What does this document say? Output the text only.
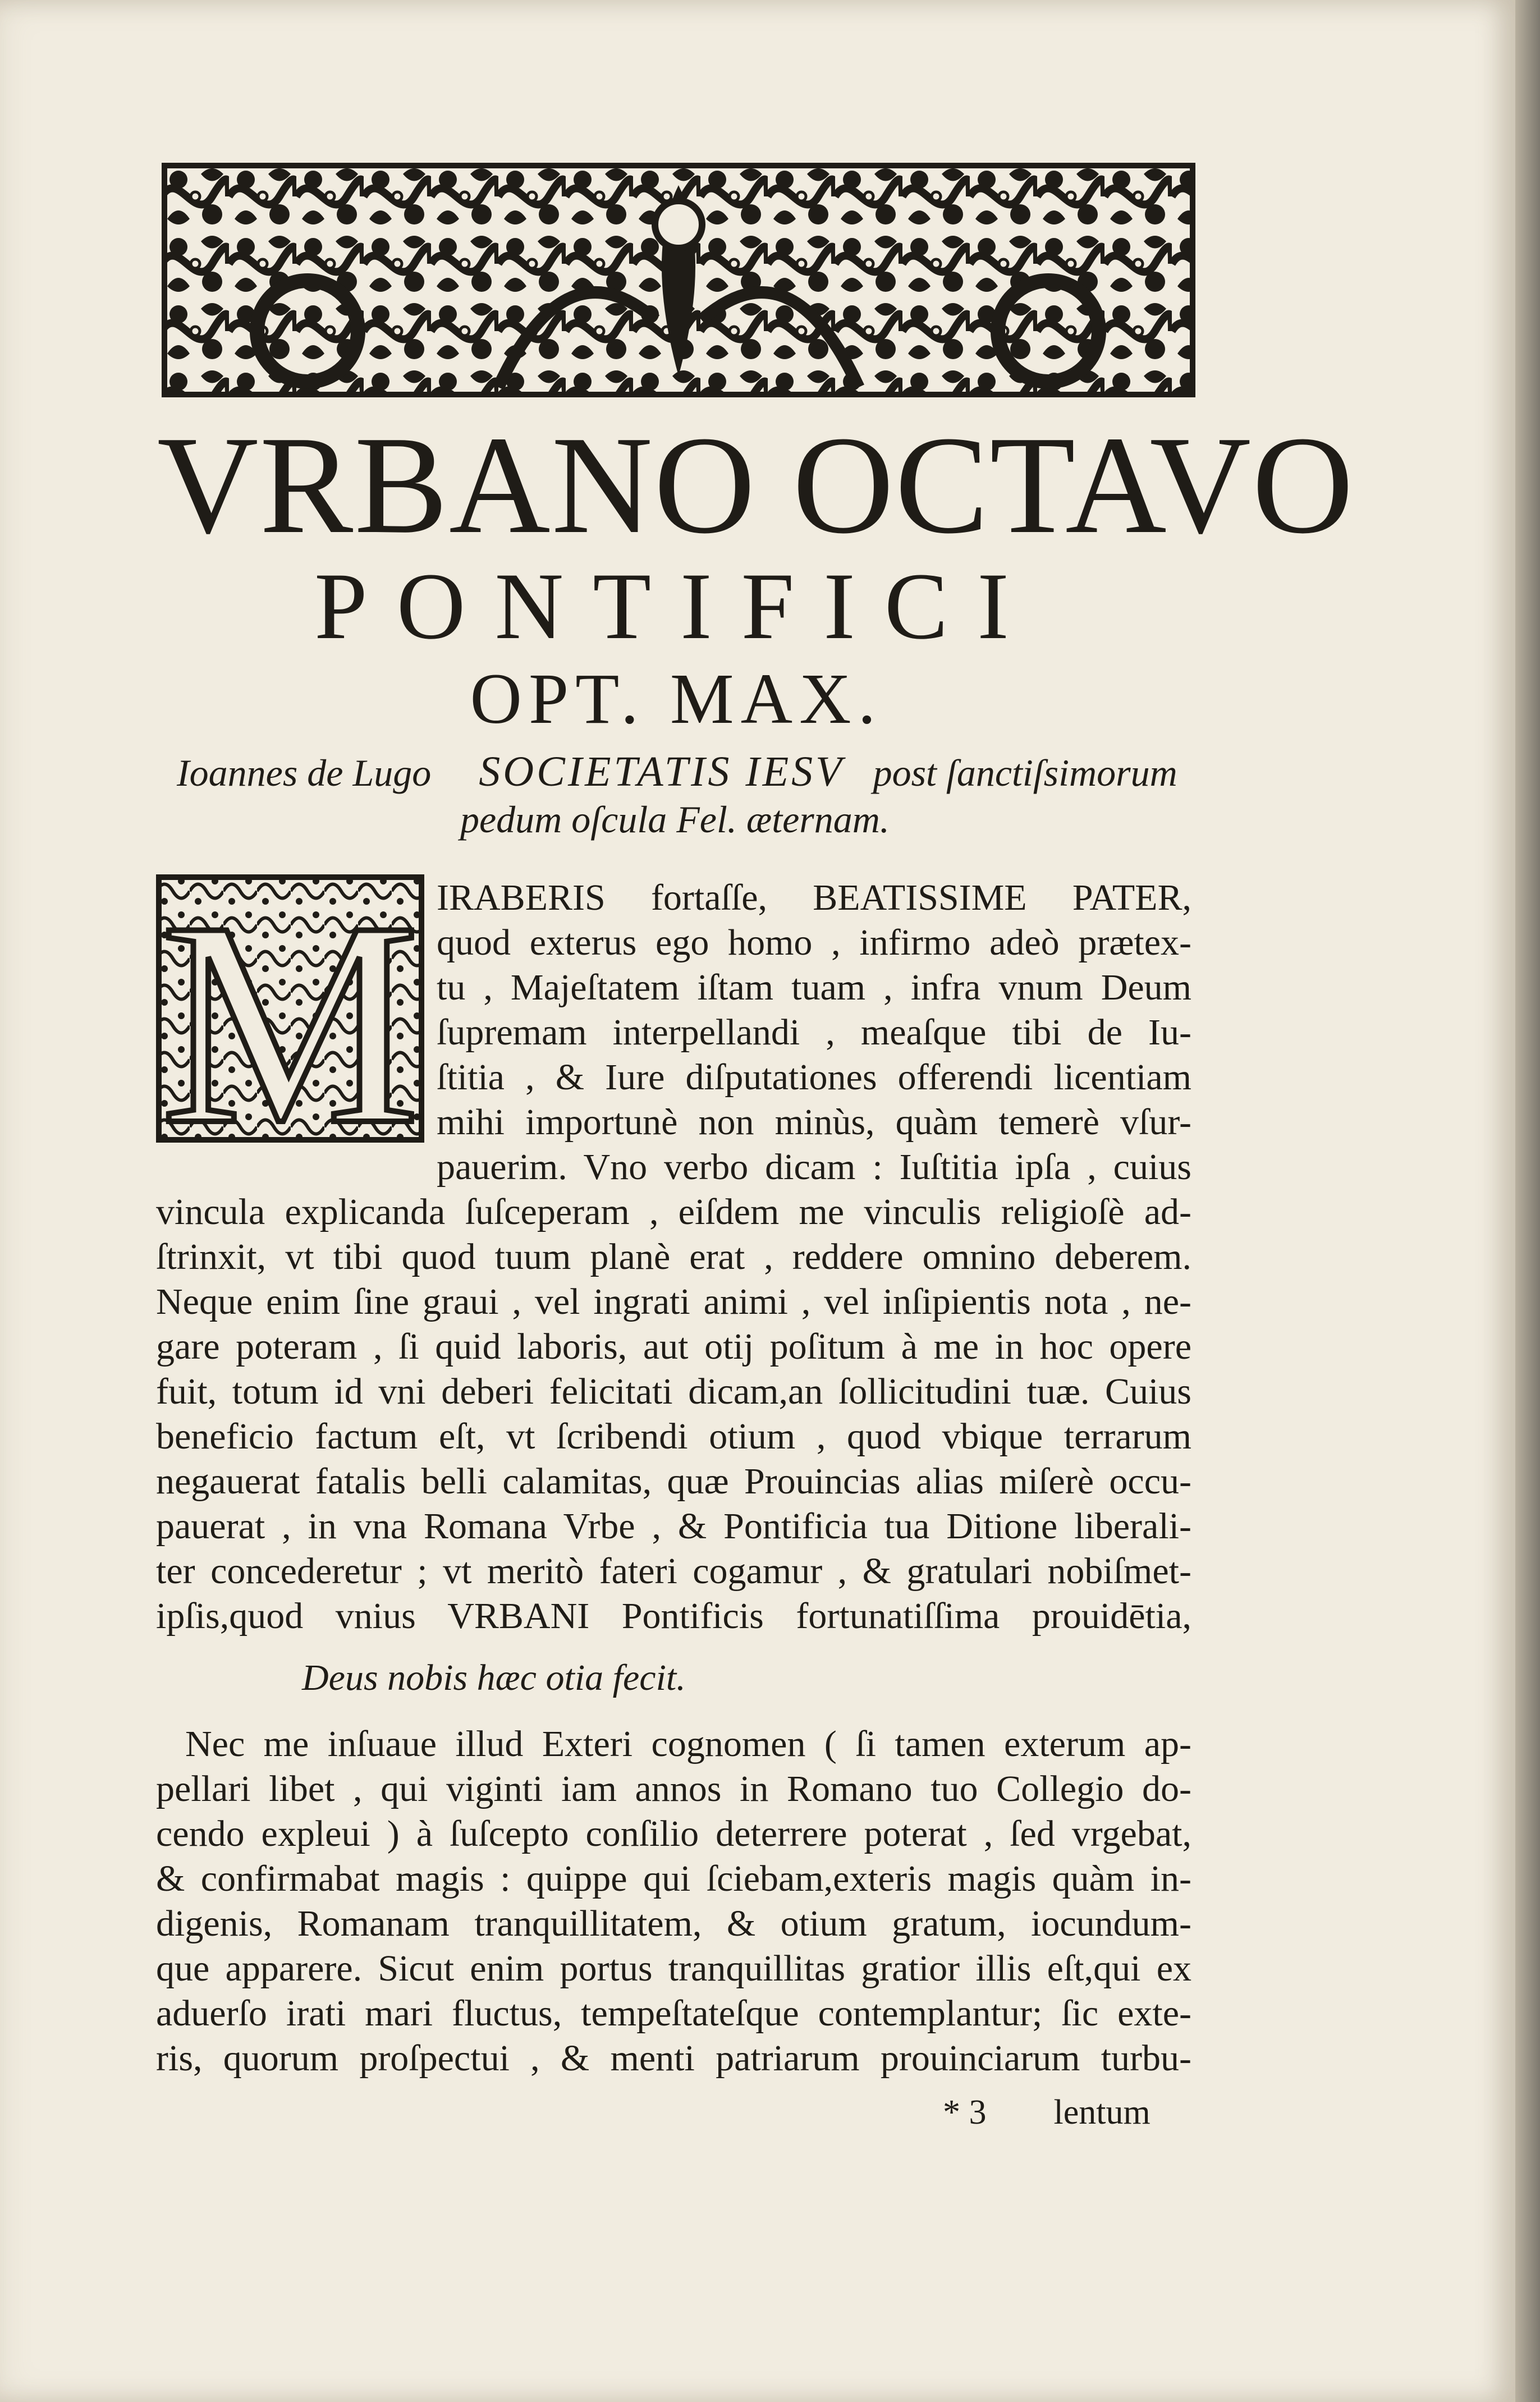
VRBANO OCTAVO
PONTIFICI
OPT. MAX.
Ioannes de Lugo SOCIETATIS IESV post ſanctiſsimorum
pedum oſcula Fel. æternam.
M IRABERIS fortaſſe, BEATISSIME PATER,
quod exterus ego homo , infirmo adeò prætex-
tu , Majeſtatem iſtam tuam , infra vnum Deum
ſupremam interpellandi , meaſque tibi de Iu-
ſtitia , & Iure diſputationes offerendi licentiam
mihi importunè non minùs, quàm temerè vſur-
pauerim. Vno verbo dicam : Iuſtitia ipſa , cuius
vincula explicanda ſuſceperam , eiſdem me vinculis religioſè ad-
ſtrinxit, vt tibi quod tuum planè erat , reddere omnino deberem.
Neque enim ſine graui , vel ingrati animi , vel inſipientis nota , ne-
gare poteram , ſi quid laboris, aut otij poſitum à me in hoc opere
fuit, totum id vni deberi felicitati dicam,an ſollicitudini tuæ. Cuius
beneficio factum eſt, vt ſcribendi otium , quod vbique terrarum
negauerat fatalis belli calamitas, quæ Prouincias alias miſerè occu-
pauerat , in vna Romana Vrbe , & Pontificia tua Ditione liberali-
ter concederetur ; vt meritò fateri cogamur , & gratulari nobiſmet-
ipſis,quod vnius VRBANI Pontificis fortunatiſſima prouidētia,
Deus nobis hæc otia fecit.
Nec me inſuaue illud Exteri cognomen ( ſi tamen exterum ap-
pellari libet , qui viginti iam annos in Romano tuo Collegio do-
cendo expleui ) à ſuſcepto conſilio deterrere poterat , ſed vrgebat,
& confirmabat magis : quippe qui ſciebam,exteris magis quàm in-
digenis, Romanam tranquillitatem, & otium gratum, iocundum-
que apparere. Sicut enim portus tranquillitas gratior illis eſt,qui ex
aduerſo irati mari fluctus, tempeſtateſque contemplantur; ſic exte-
ris, quorum proſpectui , & menti patriarum prouinciarum turbu-
* 3 lentum
